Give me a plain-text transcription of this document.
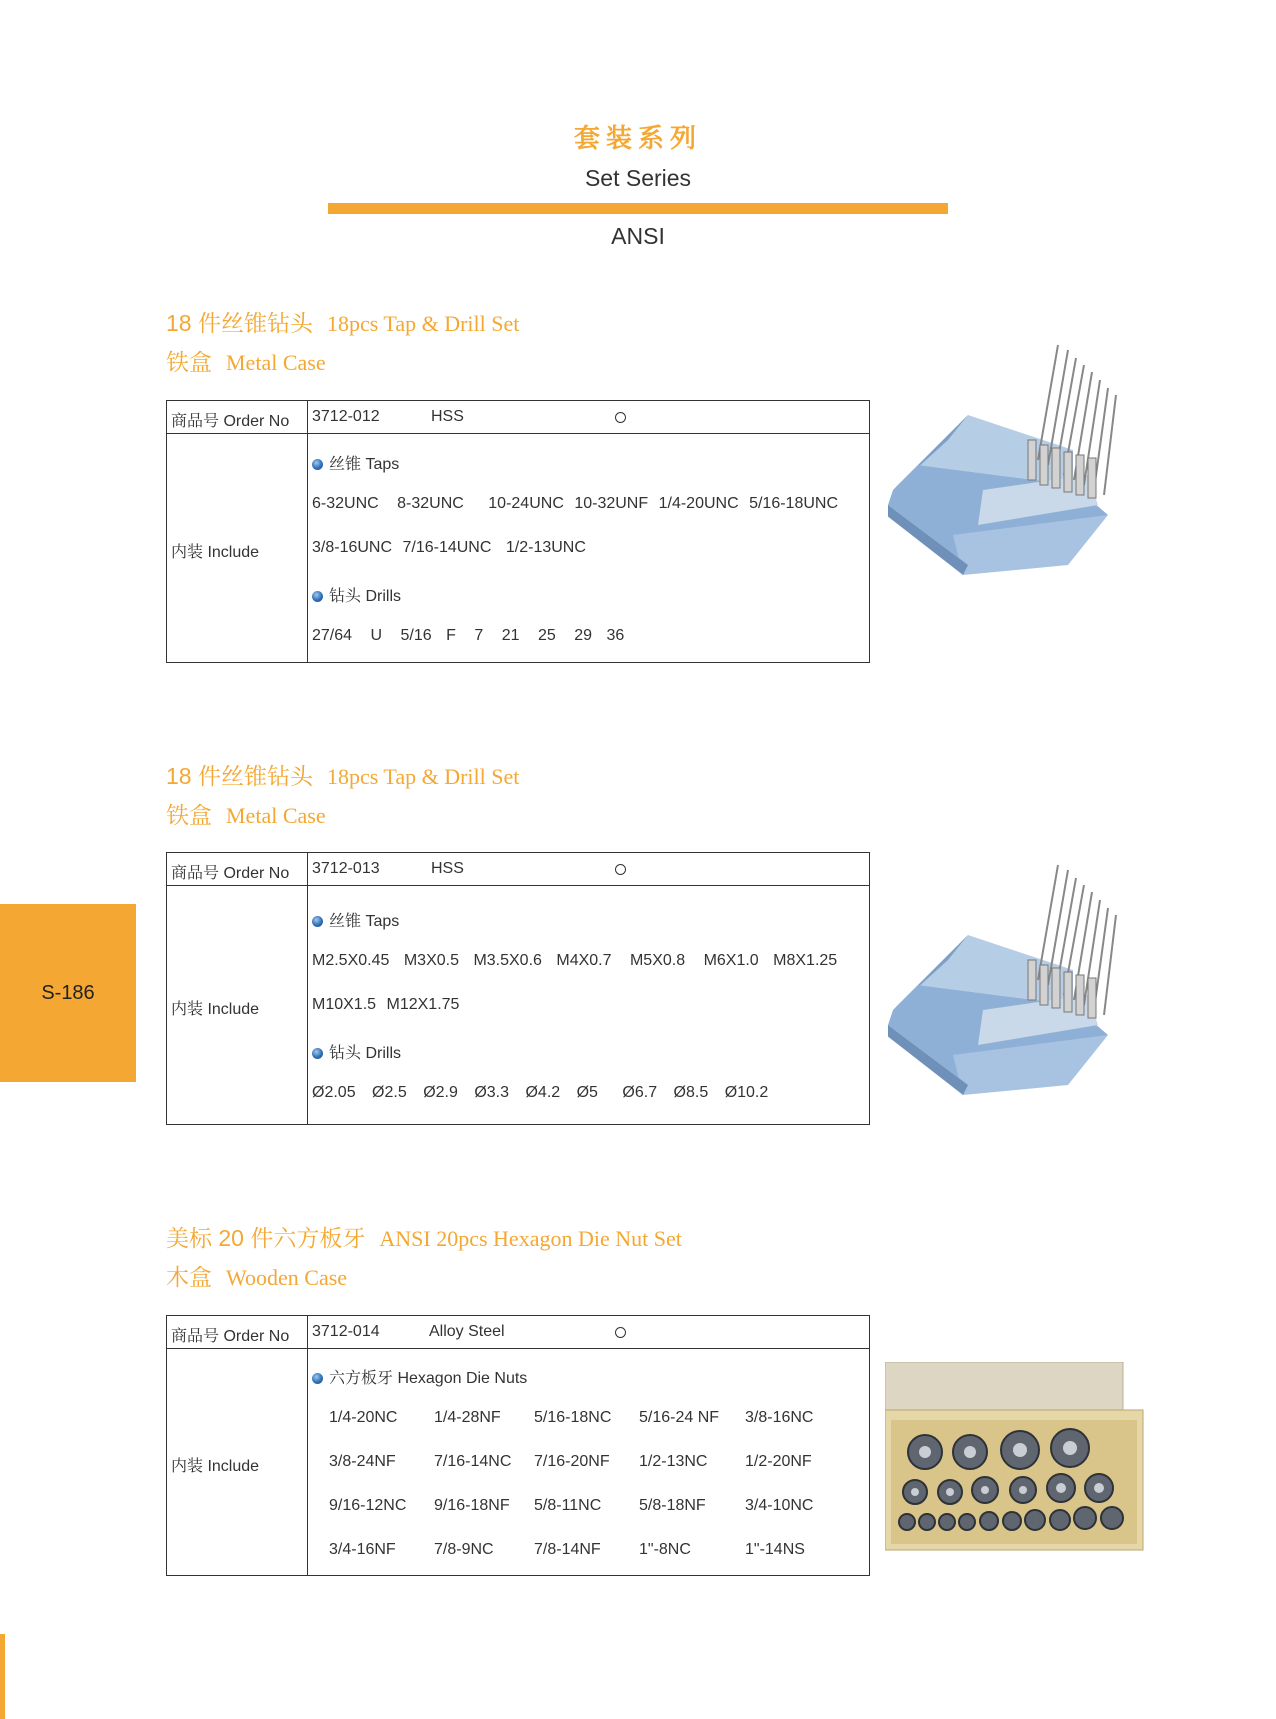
套装系列
Set Series
ANSI
S-186
18 件丝锥钻头 18pcs Tap & Drill Set
铁盒 Metal Case
商品号 Order No 3712-012	HSS
内装 Include
丝锥 Taps
6-32UNC 8-32UNC 10-24UNC 10-32UNF 1/4-20UNC 5/16-18UNC
3/8-16UNC 7/16-14UNC 1/2-13UNC
钻头 Drills
27/64 U 5/16 F 7 21 25 29 36
18 件丝锥钻头 18pcs Tap & Drill Set
铁盒 Metal Case
商品号 Order No 3712-013	HSS
内装 Include
丝锥 Taps
M2.5X0.45 M3X0.5 M3.5X0.6 M4X0.7 M5X0.8 M6X1.0 M8X1.25
M10X1.5 M12X1.75
钻头 Drills
Ø2.05 Ø2.5 Ø2.9 Ø3.3 Ø4.2 Ø5 Ø6.7 Ø8.5 Ø10.2
美标 20 件六方板牙 ANSI 20pcs Hexagon Die Nut Set
木盒 Wooden Case
商品号 Order No 3712-014	Alloy Steel
内装 Include
六方板牙 Hexagon Die Nuts
1/4-20NC 1/4-28NF 5/16-18NC 5/16-24 NF 3/8-16NC
3/8-24NF 7/16-14NC 7/16-20NF 1/2-13NC 1/2-20NF
9/16-12NC 9/16-18NF 5/8-11NC 5/8-18NF 3/4-10NC
3/4-16NF 7/8-9NC	7/8-14NF 1"-8NC	1"-14NS
